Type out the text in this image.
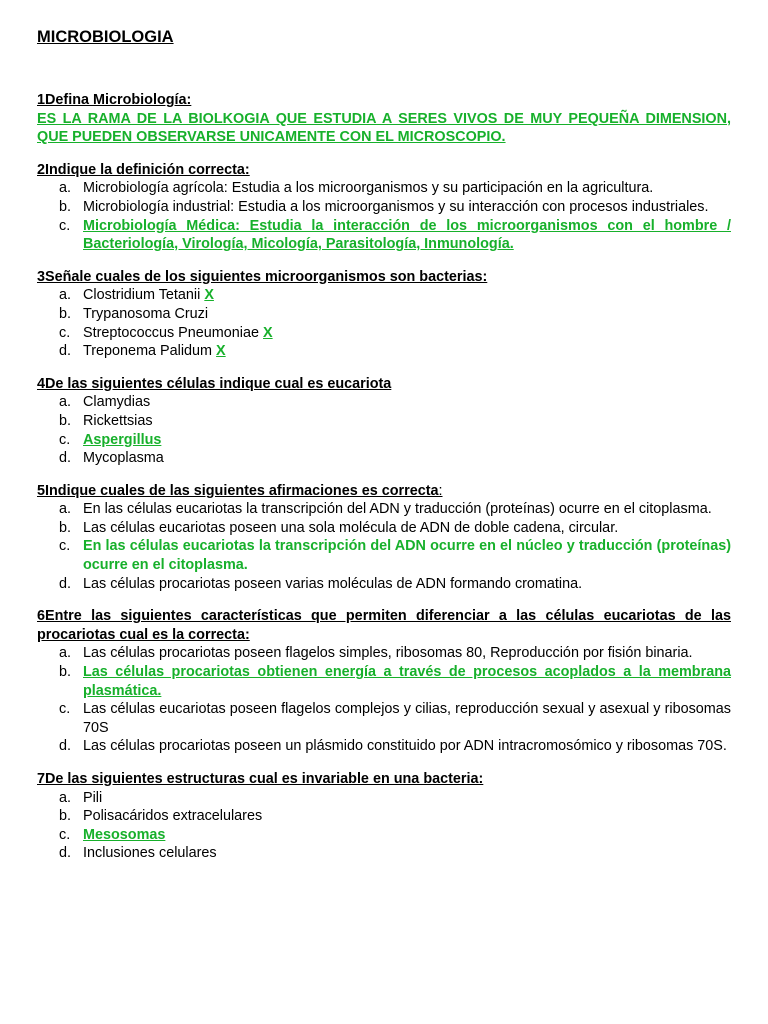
MICROBIOLOGIA
1Defina Microbiología:
ES LA RAMA DE LA BIOLKOGIA QUE ESTUDIA A SERES VIVOS DE MUY PEQUEÑA DIMENSION, QUE PUEDEN OBSERVARSE UNICAMENTE CON EL MICROSCOPIO.
2Indique la definición correcta:
a. Microbiología agrícola: Estudia a los microorganismos y su participación en la agricultura.
b. Microbiología industrial: Estudia a los microorganismos y su interacción con procesos industriales.
c. Microbiología Médica: Estudia la interacción de los microorganismos con el hombre / Bacteriología, Virología, Micología, Parasitología, Inmunología.
3Señale cuales de los siguientes microorganismos son bacterias:
a. Clostridium Tetanii X
b. Trypanosoma Cruzi
c. Streptococcus Pneumoniae X
d. Treponema Palidum X
4De las siguientes células indique cual es eucariota
a. Clamydias
b. Rickettsias
c. Aspergillus
d. Mycoplasma
5Indique cuales de las siguientes afirmaciones es correcta:
a. En las células eucariotas la transcripción del ADN y traducción (proteínas) ocurre en el citoplasma.
b. Las células eucariotas poseen una sola molécula de ADN de doble cadena, circular.
c. En las células eucariotas la transcripción del ADN ocurre en el núcleo y traducción (proteínas) ocurre en el citoplasma.
d. Las células procariotas poseen varias moléculas de ADN formando cromatina.
6Entre las siguientes características que permiten diferenciar a las células eucariotas de las procariotas cual es la correcta:
a. Las células procariotas poseen flagelos simples, ribosomas 80, Reproducción por fisión binaria.
b. Las células procariotas obtienen energía a través de procesos acoplados a la membrana plasmática.
c. Las células eucariotas poseen flagelos complejos y cilias, reproducción sexual y asexual y ribosomas 70S
d. Las células procariotas poseen un plásmido constituido por ADN intracromosómico y ribosomas 70S.
7De las siguientes estructuras cual es invariable en una bacteria:
a. Pili
b. Polisacáridos extracelulares
c. Mesosomas
d. Inclusiones celulares
